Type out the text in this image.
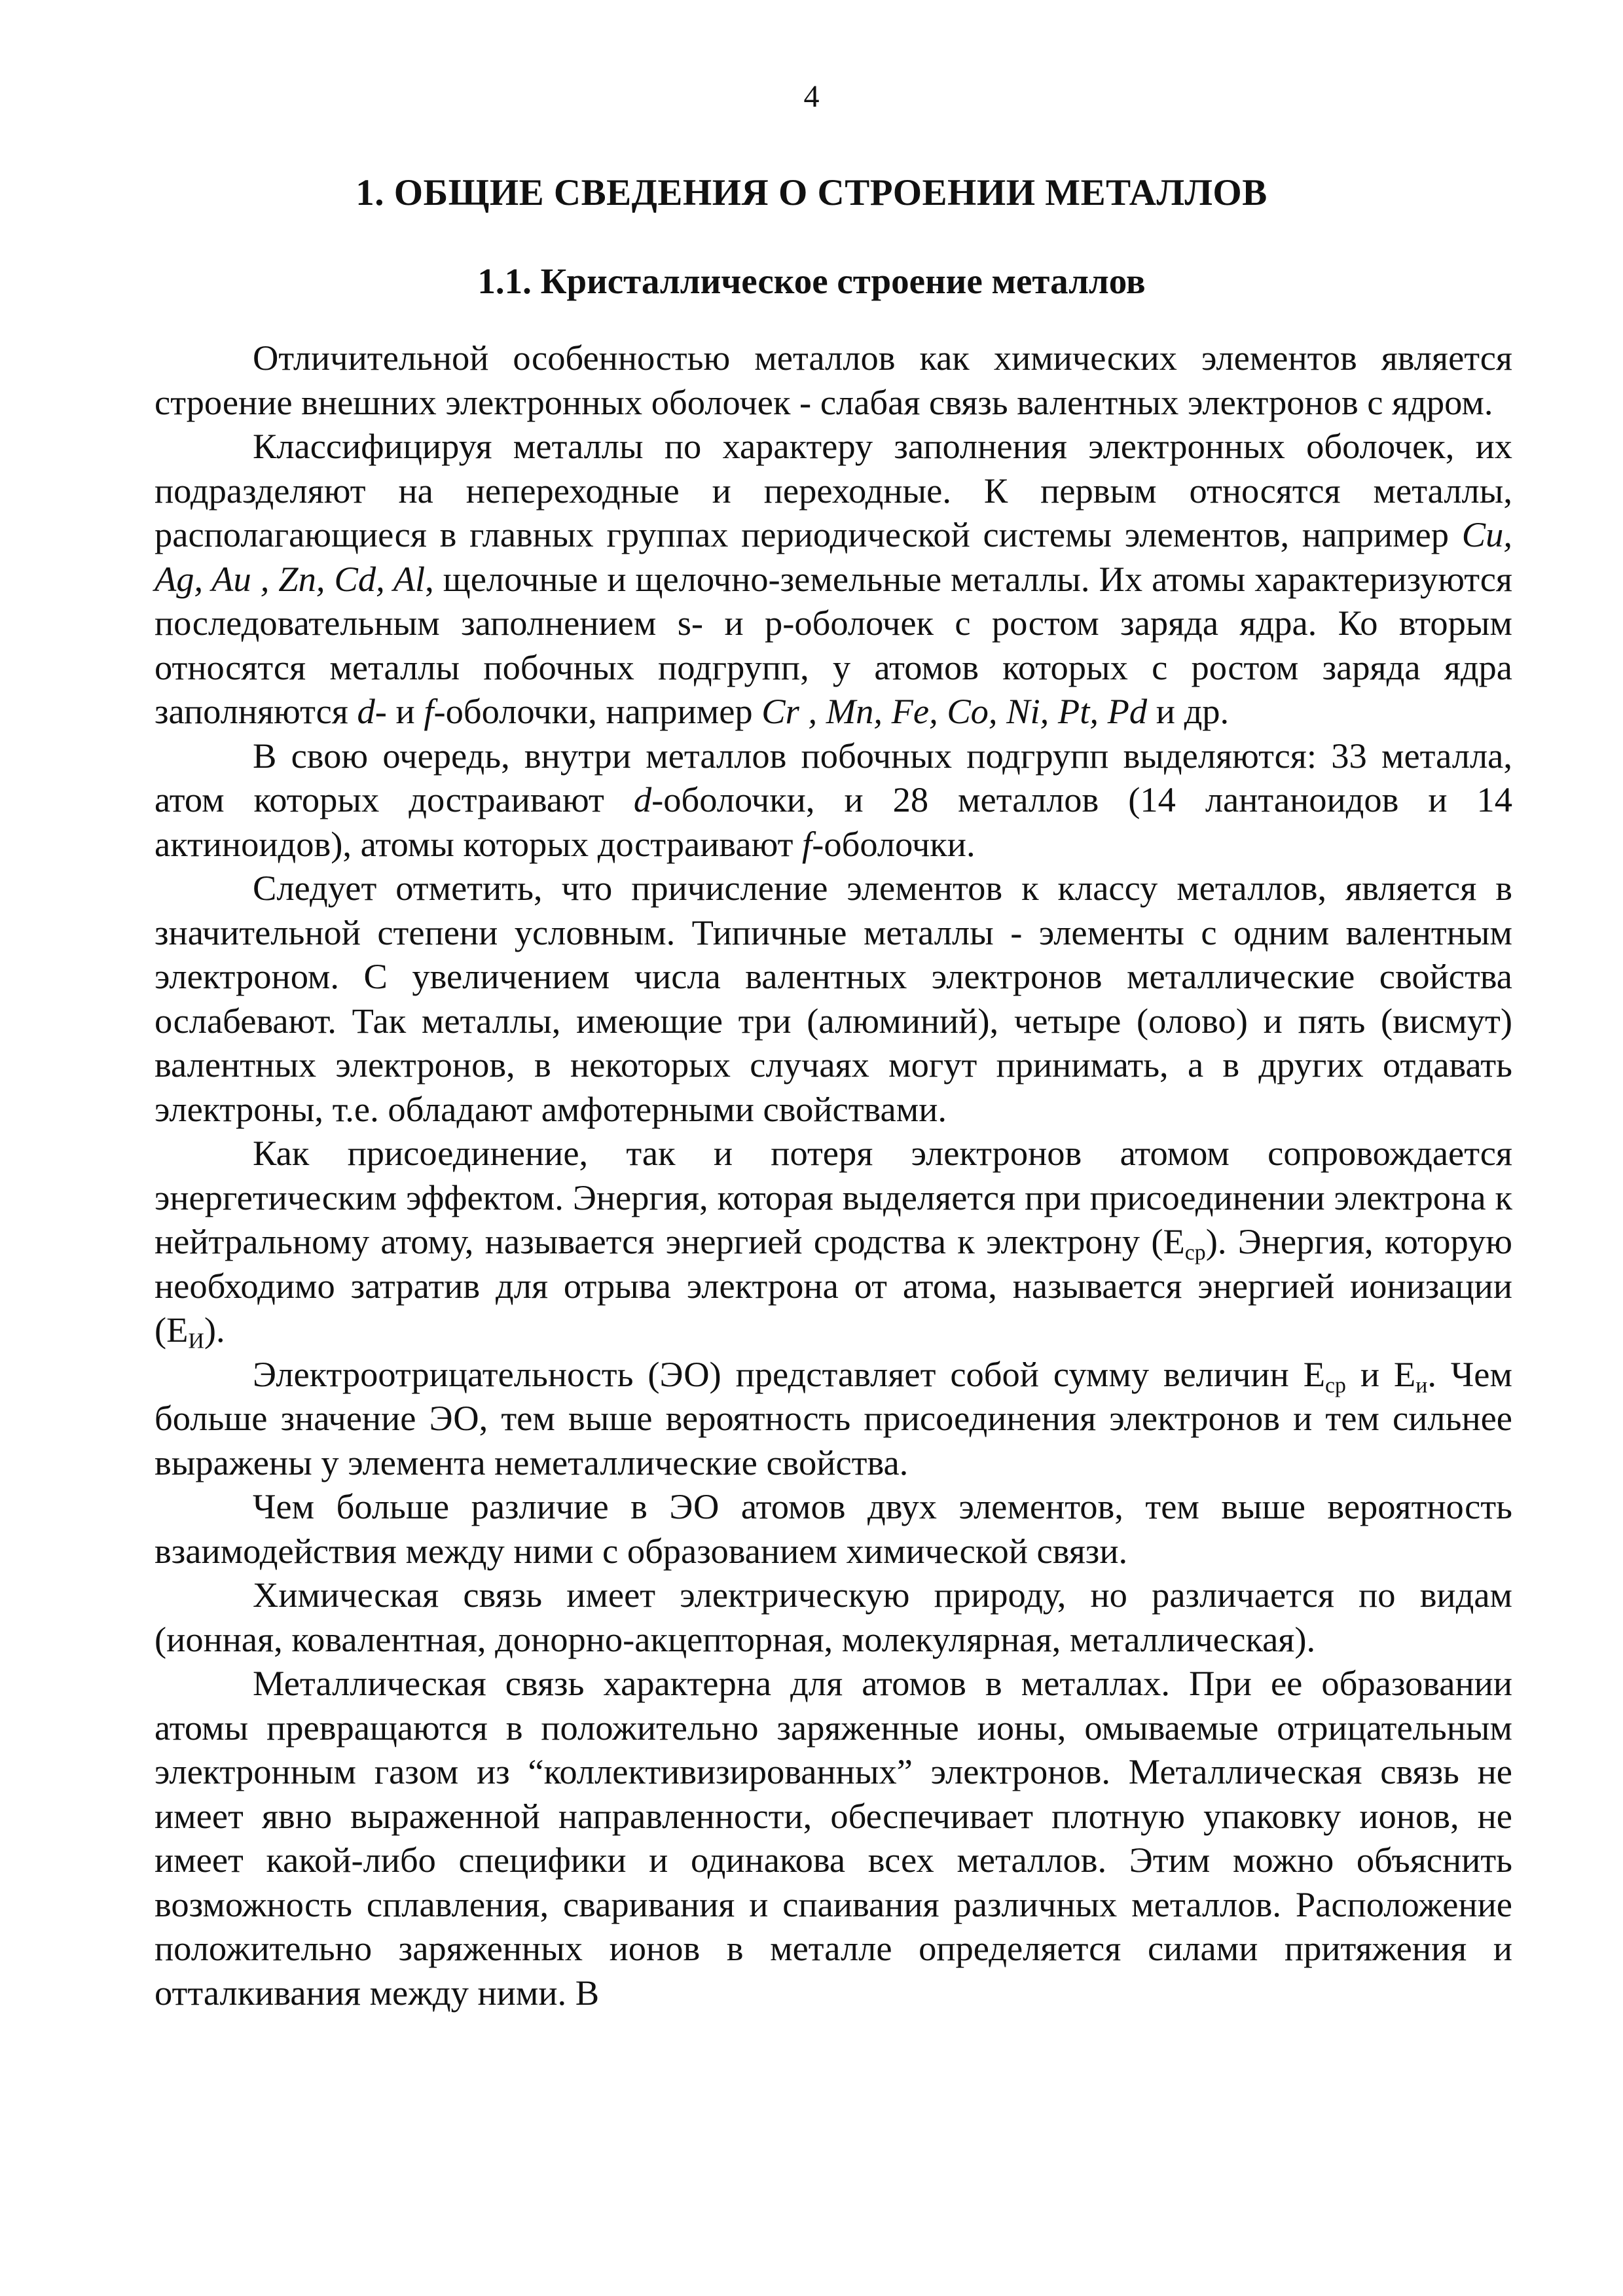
4
1. ОБЩИЕ СВЕДЕНИЯ О СТРОЕНИИ МЕТАЛЛОВ
1.1. Кристаллическое строение металлов

Отличительной особенностью металлов как химических элементов является строение внешних электронных оболочек - слабая связь валентных электронов с ядром.

Классифицируя металлы по характеру заполнения электронных оболочек, их подразделяют на непереходные и переходные. К первым относятся металлы, располагающиеся в главных группах периодической системы элементов, например Cu, Ag, Au , Zn, Cd, Al, щелочные и щелочно-земельные металлы. Их атомы характеризуются последовательным заполнением s- и р-оболочек с ростом заряда ядра. Ко вторым относятся металлы побочных подгрупп, у атомов которых с ростом заряда ядра заполняются d- и f-оболочки, например Cr , Mn, Fe, Co, Ni, Pt, Pd и др.

В свою очередь, внутри металлов побочных подгрупп выделяются: 33 металла, атом которых достраивают d-оболочки, и 28 металлов (14 лантаноидов и 14 актиноидов), атомы которых достраивают f-оболочки.

Следует отметить, что причисление элементов к классу металлов, является в значительной степени условным. Типичные металлы - элементы с одним валентным электроном. С увеличением числа валентных электронов металлические свойства ослабевают. Так металлы, имеющие три (алюминий), четыре (олово) и пять (висмут) валентных электронов, в некоторых случаях могут принимать, а в других отдавать электроны, т.е. обладают амфотерными свойствами.

Как присоединение, так и потеря электронов атомом сопровождается энергетическим эффектом. Энергия, которая выделяется при присоединении электрона к нейтральному атому, называется энергией сродства к электрону $(Е_{ср})$. Энергия, которую необходимо затратив для отрыва электрона от атома, называется энергией ионизации $(Е_И)$.

Электроотрицательность (ЭО) представляет собой сумму величин $Е_{ср}$ и $Е_и$. Чем больше значение ЭО, тем выше вероятность присоединения электронов и тем сильнее выражены у элемента неметаллические свойства.

Чем больше различие в ЭО атомов двух элементов, тем выше вероятность взаимодействия между ними с образованием химической связи.

Химическая связь имеет электрическую природу, но различается по видам (ионная, ковалентная, донорно-акцепторная, молекулярная, металлическая).

Металлическая связь характерна для атомов в металлах. При ее образовании атомы превращаются в положительно заряженные ионы, омываемые отрицательным электронным газом из “коллективизированных” электронов. Металлическая связь не имеет явно выраженной направленности, обеспечивает плотную упаковку ионов, не имеет какой-либо специфики и одинакова всех металлов. Этим можно объяснить возможность сплавления, сваривания и спаивания различных металлов. Расположение положительно заряженных ионов в металле определяется силами притяжения и отталкивания между ними. В
